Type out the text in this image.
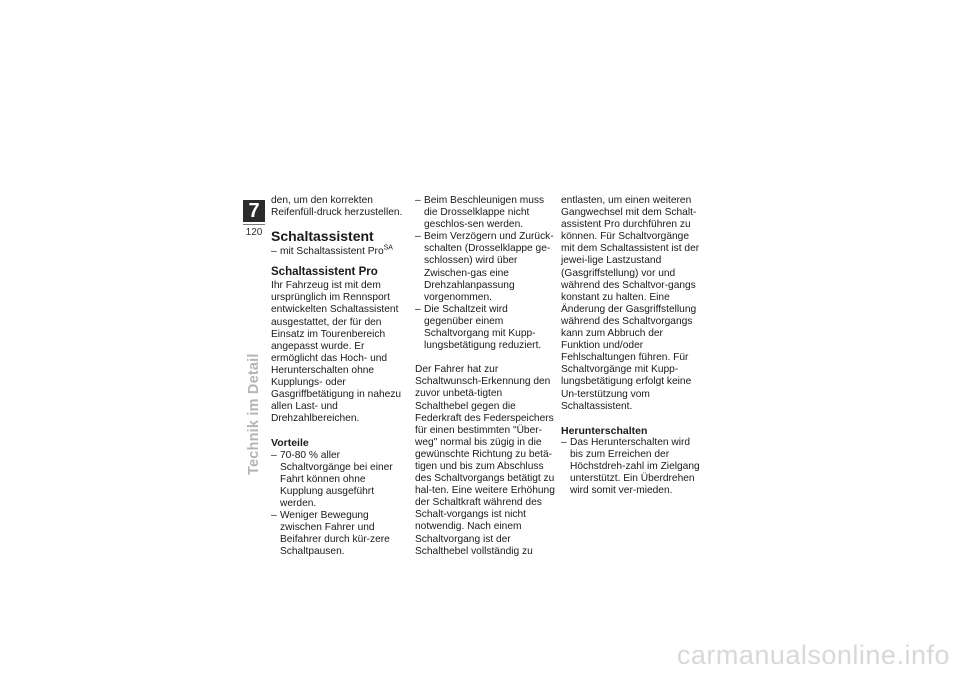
7
120
Technik im Detail

den, um den korrekten Reifenfüll-druck herzustellen.

Schaltassistent

– mit Schaltassistent Pro$^{SA}$

Schaltassistent Pro

Ihr Fahrzeug ist mit dem ursprünglich im Rennsport entwickelten Schaltassistent ausgestattet, der für den Einsatz im Tourenbereich angepasst wurde. Er ermöglicht das Hoch- und Herunterschalten ohne Kupplungs- oder Gasgriffbetätigung in nahezu allen Last- und Drehzahlbereichen.

Vorteile

– 70-80 % aller Schaltvorgänge bei einer Fahrt können ohne Kupplung ausgeführt werden.

– Weniger Bewegung zwischen Fahrer und Beifahrer durch kür-zere Schaltpausen.

– Beim Beschleunigen muss die Drosselklappe nicht geschlos-sen werden.

– Beim Verzögern und Zurück-schalten (Drosselklappe ge-schlossen) wird über Zwischen-gas eine Drehzahlanpassung vorgenommen.

– Die Schaltzeit wird gegenüber einem Schaltvorgang mit Kupp-lungsbetätigung reduziert.

Der Fahrer hat zur Schaltwunsch-Erkennung den zuvor unbetä-tigten Schalthebel gegen die Federkraft des Federspeichers für einen bestimmten "Über-weg" normal bis zügig in die gewünschte Richtung zu betä-tigen und bis zum Abschluss des Schaltvorgangs betätigt zu hal-ten. Eine weitere Erhöhung der Schaltkraft während des Schalt-vorgangs ist nicht notwendig. Nach einem Schaltvorgang ist der Schalthebel vollständig zu

entlasten, um einen weiteren Gangwechsel mit dem Schalt-assistent Pro durchführen zu können. Für Schaltvorgänge mit dem Schaltassistent ist der jewei-lige Lastzustand (Gasgriffstellung) vor und während des Schaltvor-gangs konstant zu halten. Eine Änderung der Gasgriffstellung während des Schaltvorgangs kann zum Abbruch der Funktion und/oder Fehlschaltungen führen. Für Schaltvorgänge mit Kupp-lungsbetätigung erfolgt keine Un-terstützung vom Schaltassistent.

Herunterschalten

– Das Herunterschalten wird bis zum Erreichen der Höchstdreh-zahl im Zielgang unterstützt. Ein Überdrehen wird somit ver-mieden.

carmanualsonline.info
